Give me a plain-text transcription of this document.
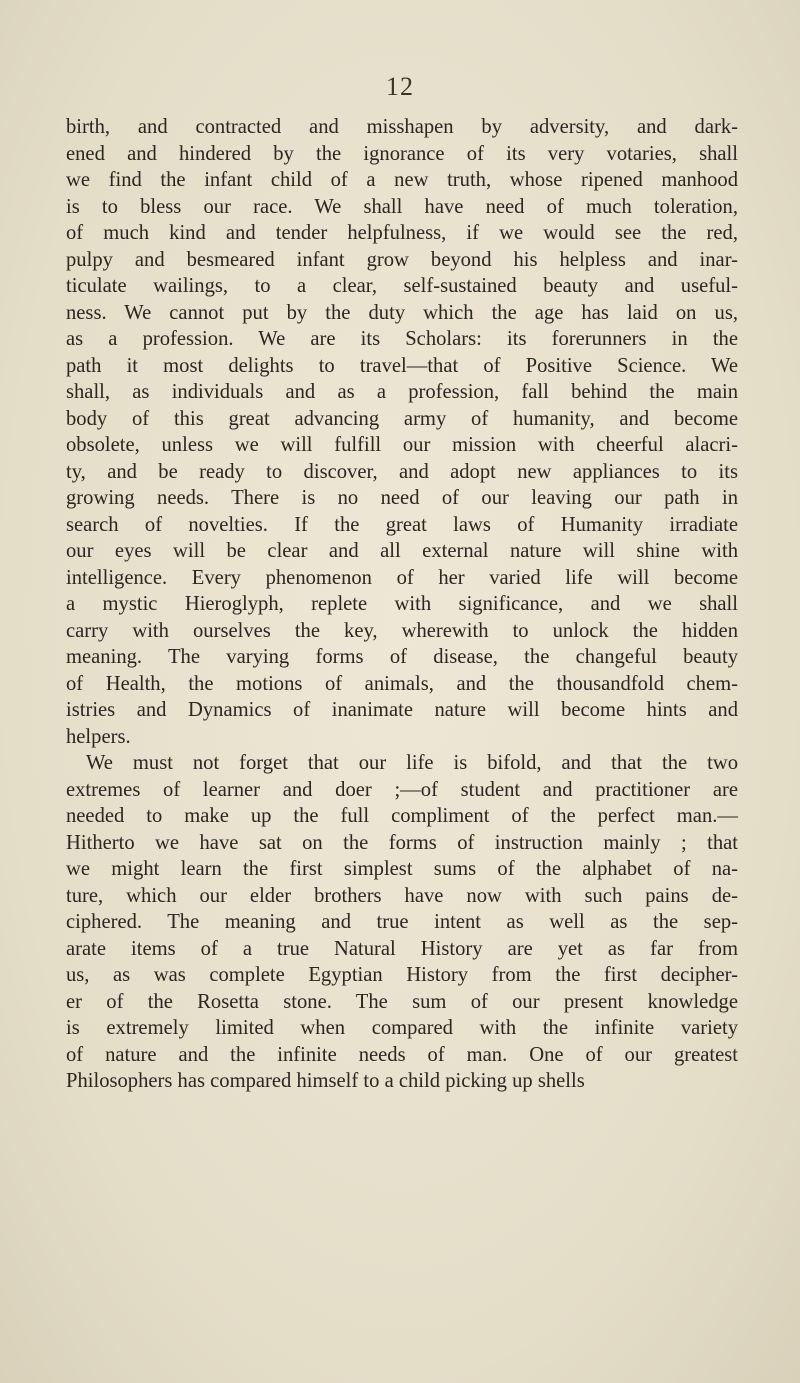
12
birth, and contracted and misshapen by adversity, and dark-
ened and hindered by the ignorance of its very votaries, shall
we find the infant child of a new truth, whose ripened manhood
is to bless our race. We shall have need of much toleration,
of much kind and tender helpfulness, if we would see the red,
pulpy and besmeared infant grow beyond his helpless and inar-
ticulate wailings, to a clear, self-sustained beauty and useful-
ness. We cannot put by the duty which the age has laid on us,
as a profession. We are its Scholars: its forerunners in the
path it most delights to travel—that of Positive Science. We
shall, as individuals and as a profession, fall behind the main
body of this great advancing army of humanity, and become
obsolete, unless we will fulfill our mission with cheerful alacri-
ty, and be ready to discover, and adopt new appliances to its
growing needs. There is no need of our leaving our path in
search of novelties. If the great laws of Humanity irradiate
our eyes will be clear and all external nature will shine with
intelligence. Every phenomenon of her varied life will become
a mystic Hieroglyph, replete with significance, and we shall
carry with ourselves the key, wherewith to unlock the hidden
meaning. The varying forms of disease, the changeful beauty
of Health, the motions of animals, and the thousandfold chem-
istries and Dynamics of inanimate nature will become hints and
helpers.
We must not forget that our life is bifold, and that the two
extremes of learner and doer ;—of student and practitioner are
needed to make up the full compliment of the perfect man.—
Hitherto we have sat on the forms of instruction mainly ; that
we might learn the first simplest sums of the alphabet of na-
ture, which our elder brothers have now with such pains de-
ciphered. The meaning and true intent as well as the sep-
arate items of a true Natural History are yet as far from
us, as was complete Egyptian History from the first decipher-
er of the Rosetta stone. The sum of our present knowledge
is extremely limited when compared with the infinite variety
of nature and the infinite needs of man. One of our greatest
Philosophers has compared himself to a child picking up shells
